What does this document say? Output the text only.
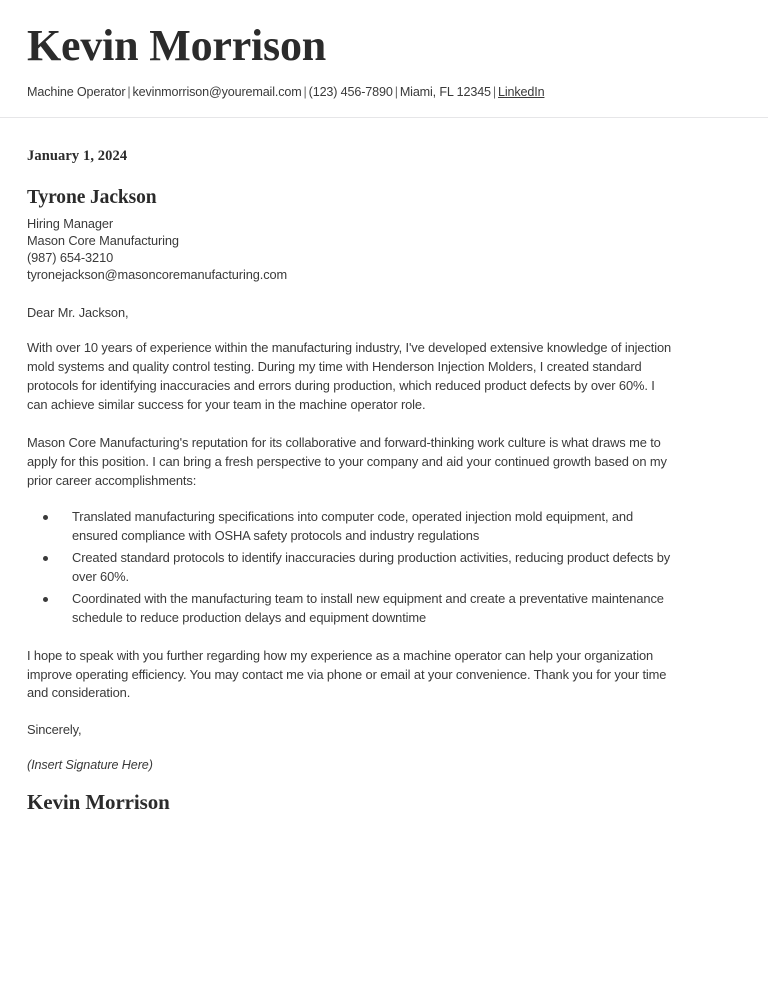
Kevin Morrison

Machine Operator | kevinmorrison@youremail.com | (123) 456-7890 | Miami, FL 12345 | LinkedIn

January 1, 2024

Tyrone Jackson

Hiring Manager

Mason Core Manufacturing

(987) 654-3210

tyronejackson@masoncoremanufacturing.com

Dear Mr. Jackson,

With over 10 years of experience within the manufacturing industry, I've developed extensive knowledge of injection mold systems and quality control testing. During my time with Henderson Injection Molders, I created standard protocols for identifying inaccuracies and errors during production, which reduced product defects by over 60%. I can achieve similar success for your team in the machine operator role.

Mason Core Manufacturing's reputation for its collaborative and forward-thinking work culture is what draws me to apply for this position. I can bring a fresh perspective to your company and aid your continued growth based on my prior career accomplishments:

Translated manufacturing specifications into computer code, operated injection mold equipment, and ensured compliance with OSHA safety protocols and industry regulations
Created standard protocols to identify inaccuracies during production activities, reducing product defects by over 60%.
Coordinated with the manufacturing team to install new equipment and create a preventative maintenance schedule to reduce production delays and equipment downtime

I hope to speak with you further regarding how my experience as a machine operator can help your organization improve operating efficiency. You may contact me via phone or email at your convenience. Thank you for your time and consideration.

Sincerely,

(Insert Signature Here)

Kevin Morrison
